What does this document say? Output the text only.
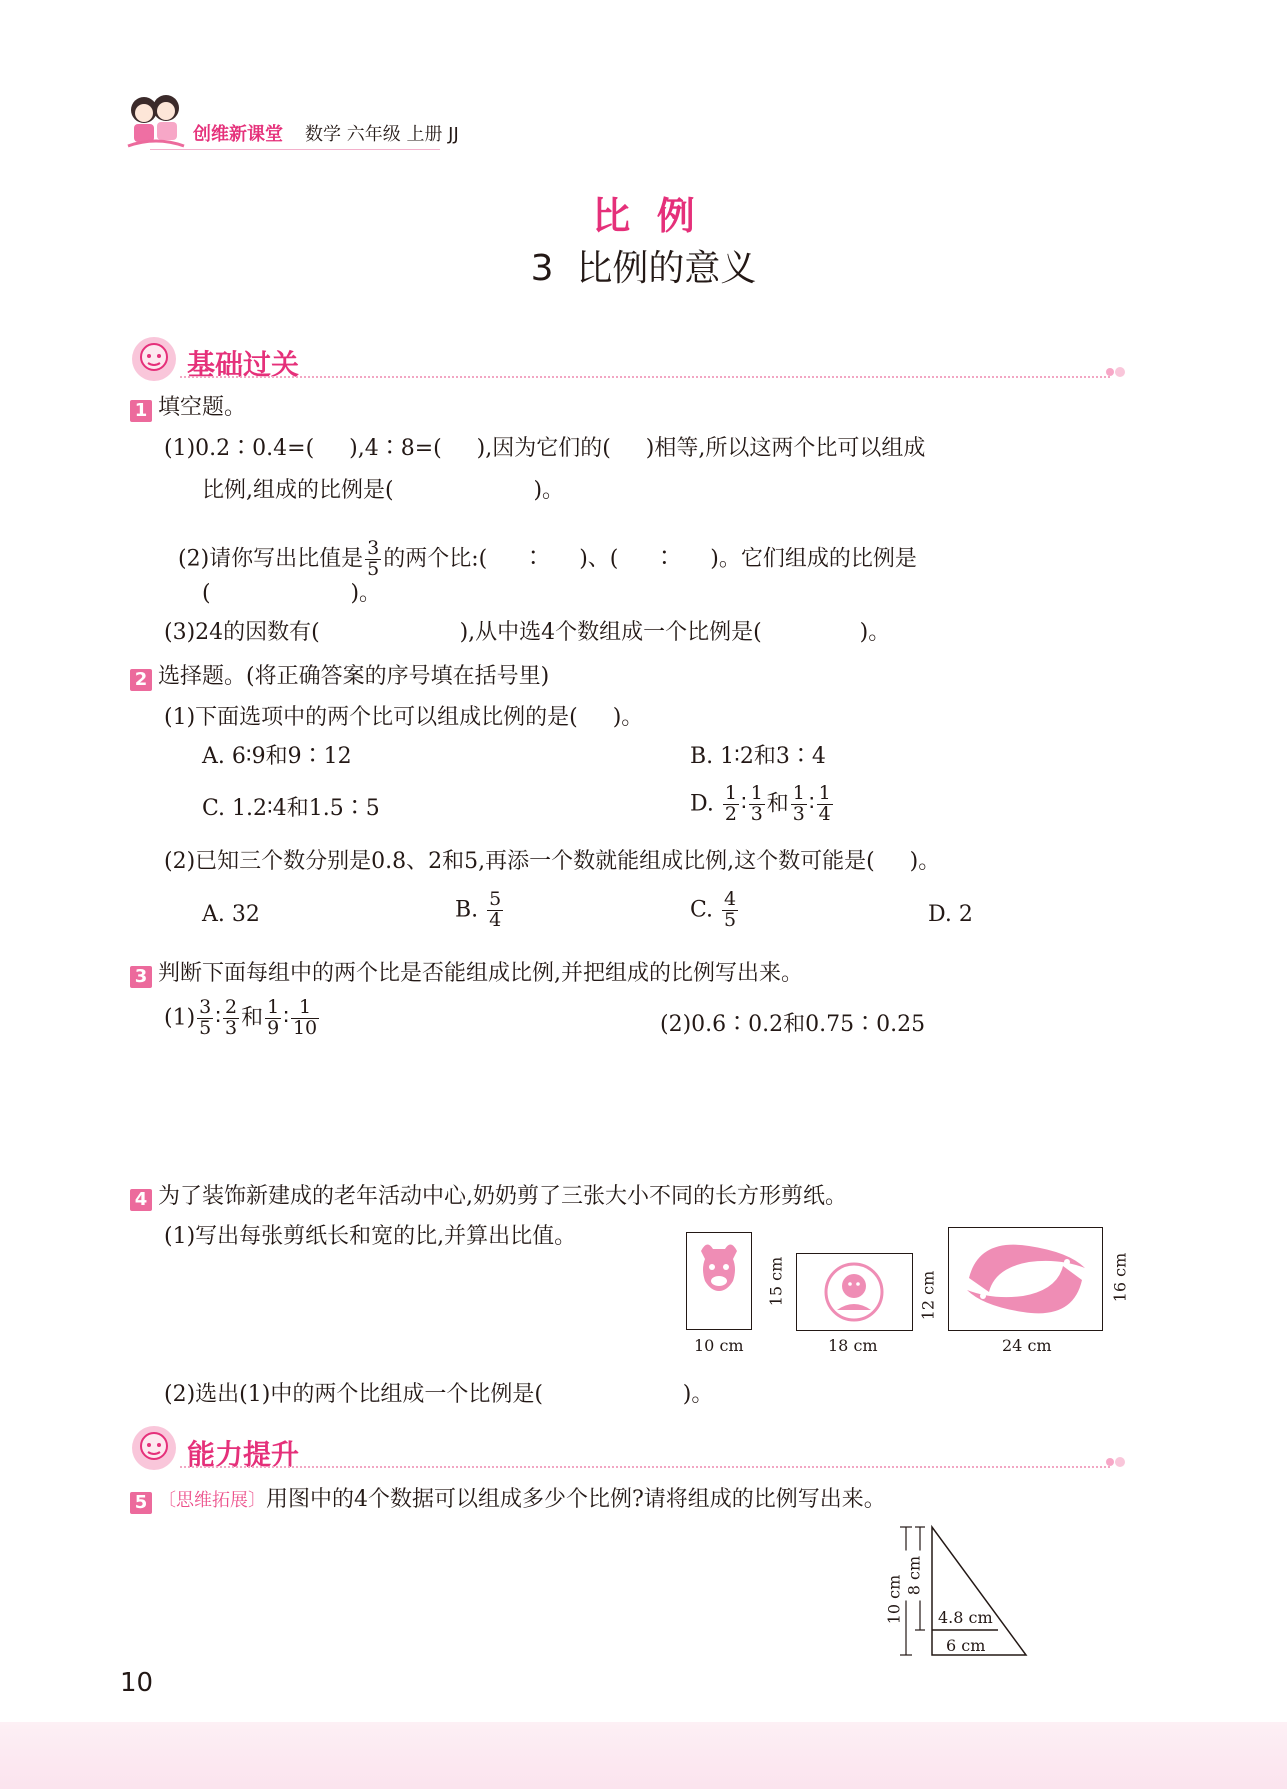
创维新课堂 数学 六年级 上册 JJ
比  例
3  比例的意义
基础过关
1 填空题。
(1)0.2∶0.4=(     ),4∶8=(     ),因为它们的(     )相等,所以这两个比可以组成
比例,组成的比例是(                    )。

(2)请你写出比值是 $\frac{3}{5}$ 的两个比:(     ∶     )、(     ∶     )。它们组成的比例是

(                    )。
(3)24的因数有(                    ),从中选4个数组成一个比例是(              )。
2 选择题。(将正确答案的序号填在括号里)
(1)下面选项中的两个比可以组成比例的是(     )。
A. 6∶9和9∶12	B. 1∶2和3∶4
C. 1.2∶4和1.5∶5	D. $\frac{1}{2}$ ∶ $\frac{1}{3}$ 和 $\frac{1}{3}$ ∶ $\frac{1}{4}$
(2)已知三个数分别是0.8、2和5,再添一个数就能组成比例,这个数可能是(     )。
A. 32	B. $\frac{5}{4}$	C. $\frac{4}{5}$	D. 2
3 判断下面每组中的两个比是否能组成比例,并把组成的比例写出来。
$(1) \frac{3}{5}$ ∶ $\frac{2}{3}$ 和 $\frac{1}{9}$ ∶ $\frac{1}{10}$	(2)0.6∶0.2和0.75∶0.25
4 为了装饰新建成的老年活动中心,奶奶剪了三张大小不同的长方形剪纸。
(1)写出每张剪纸长和宽的比,并算出比值。
10 cm
15 cm
18 cm
12 cm
24 cm
16 cm
(2)选出(1)中的两个比组成一个比例是(                    )。
能力提升
5 〔思维拓展〕用图中的4个数据可以组成多少个比例?请将组成的比例写出来。
10 cm 8 cm
4.8 cm
6 cm
10
